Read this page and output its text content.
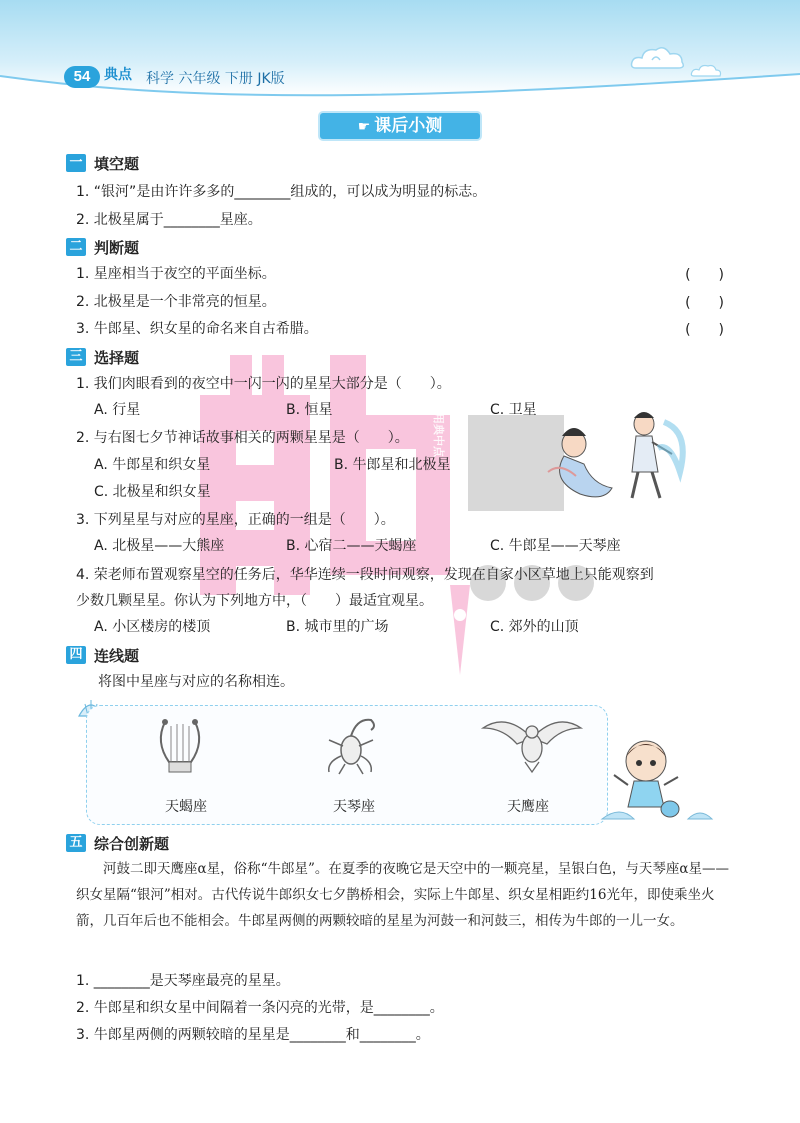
54 典点 科学 六年级 下册 JK版
☛ 课后小测
Since 1999
提分就用典中点
一 填空题
1. “银河”是由许许多多的________组成的，可以成为明显的标志。
2. 北极星属于________星座。
二 判断题
1. 星座相当于夜空的平面坐标。	(　　)
2. 北极星是一个非常亮的恒星。	(　　)
3. 牛郎星、织女星的命名来自古希腊。	(　　)
三 选择题
1. 我们肉眼看到的夜空中一闪一闪的星星大部分是（　　）。
A. 行星	B. 恒星	C. 卫星
2. 与右图七夕节神话故事相关的两颗星星是（　　）。
A. 牛郎星和织女星	B. 牛郎星和北极星
C. 北极星和织女星
3. 下列星星与对应的星座，正确的一组是（　　）。
A. 北极星——大熊座	B. 心宿二——天蝎座	C. 牛郎星——天琴座
4. 荣老师布置观察星空的任务后，华华连续一段时间观察，发现在自家小区草地上只能观察到
少数几颗星星。你认为下列地方中，（　　）最适宜观星。
A. 小区楼房的楼顶	B. 城市里的广场	C. 郊外的山顶
四 连线题
将图中星座与对应的名称相连。
天蝎座	天琴座	天鹰座
五 综合创新题
河鼓二即天鹰座α星，俗称“牛郎星”。在夏季的夜晚它是天空中的一颗亮星，呈银白色，与天琴座α星——织女星隔“银河”相对。古代传说牛郎织女七夕鹊桥相会，实际上牛郎星、织女星相距约16光年，即使乘坐火箭，几百年后也不能相会。牛郎星两侧的两颗较暗的星星为河鼓一和河鼓三，相传为牛郎的一儿一女。
1. ________是天琴座最亮的星星。
2. 牛郎星和织女星中间隔着一条闪亮的光带，是________。
3. 牛郎星两侧的两颗较暗的星星是________和________。
